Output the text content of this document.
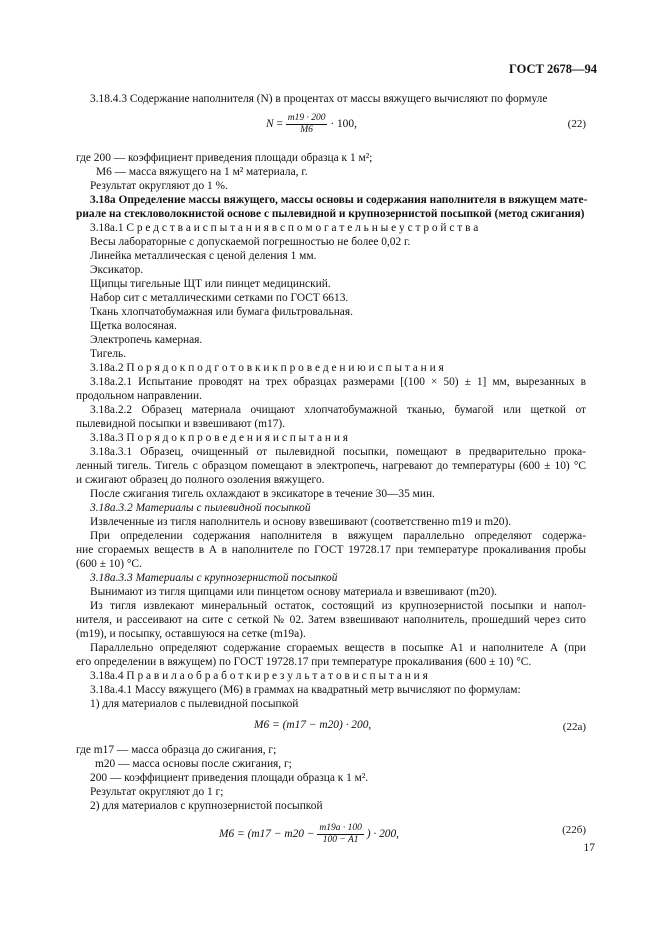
ГОСТ 2678—94
3.18.4.3 Содержание наполнителя (N) в процентах от массы вяжущего вычисляют по формуле
$N = \frac{m19 \cdot 200}{M6} \cdot 100$,	(22)
где 200 — коэффициент приведения площади образца к 1 м²;
M6 — масса вяжущего на 1 м² материала, г.
Результат округляют до 1 %.
3.18а Определение массы вяжущего, массы основы и содержания наполнителя в вяжущем мате-
риале на стекловолокнистой основе с пылевидной и крупнозернистой посыпкой (метод сжигания)
3.18а.1 С р е д с т в а и с п ы т а н и я в с п о м о г а т е л ь н ы е у с т р о й с т в а
Весы лабораторные с допускаемой погрешностью не более 0,02 г.
Линейка металлическая с ценой деления 1 мм.
Эксикатор.
Щипцы тигельные ЩТ или пинцет медицинский.
Набор сит с металлическими сетками по ГОСТ 6613.
Ткань хлопчатобумажная или бумага фильтровальная.
Щетка волосяная.
Электропечь камерная.
Тигель.
3.18а.2 П о р я д о к п о д г о т о в к и к п р о в е д е н и ю и с п ы т а н и я
3.18а.2.1 Испытание проводят на трех образцах размерами [(100 × 50) ± 1] мм, вырезанных в
продольном направлении.
3.18а.2.2 Образец материала очищают хлопчатобумажной тканью, бумагой или щеткой от
пылевидной посыпки и взвешивают (m17).
3.18а.3 П о р я д о к п р о в е д е н и я и с п ы т а н и я
3.18а.3.1 Образец, очищенный от пылевидной посыпки, помещают в предварительно прока-
ленный тигель. Тигель с образцом помещают в электропечь, нагревают до температуры (600 ± 10) °С
и сжигают образец до полного озоления вяжущего.
После сжигания тигель охлаждают в эксикаторе в течение 30—35 мин.
3.18а.3.2 Материалы с пылевидной посыпкой
Извлеченные из тигля наполнитель и основу взвешивают (соответственно m19 и m20).
При определении содержания наполнителя в вяжущем параллельно определяют содержа-
ние сгораемых веществ в А в наполнителе по ГОСТ 19728.17 при температуре прокаливания пробы
(600 ± 10) °С.
3.18а.3.3 Материалы с крупнозернистой посыпкой
Вынимают из тигля щипцами или пинцетом основу материала и взвешивают (m20).
Из тигля извлекают минеральный остаток, состоящий из крупнозернистой посыпки и напол-
нителя, и рассеивают на сите с сеткой № 02. Затем взвешивают наполнитель, прошедший через сито
(m19), и посыпку, оставшуюся на сетке (m19а).
Параллельно определяют содержание сгораемых веществ в посыпке А1 и наполнителе А (при
его определении в вяжущем) по ГОСТ 19728.17 при температуре прокаливания (600 ± 10) °С.
3.18а.4 П р а в и л а о б р а б о т к и р е з у л ь т а т о в и с п ы т а н и я
3.18а.4.1 Массу вяжущего (M6) в граммах на квадратный метр вычисляют по формулам:
1) для материалов с пылевидной посыпкой
M6 = (m17 − m20) · 200,	(22а)
где m17 — масса образца до сжигания, г;
m20 — масса основы после сжигания, г;
200 — коэффициент приведения площади образца к 1 м².
Результат округляют до 1 г;
2) для материалов с крупнозернистой посыпкой
$M6 = (m17 - m20 - \frac{m19а \cdot 100}{100 - A1}$ ) · 200,	(22б)
17
